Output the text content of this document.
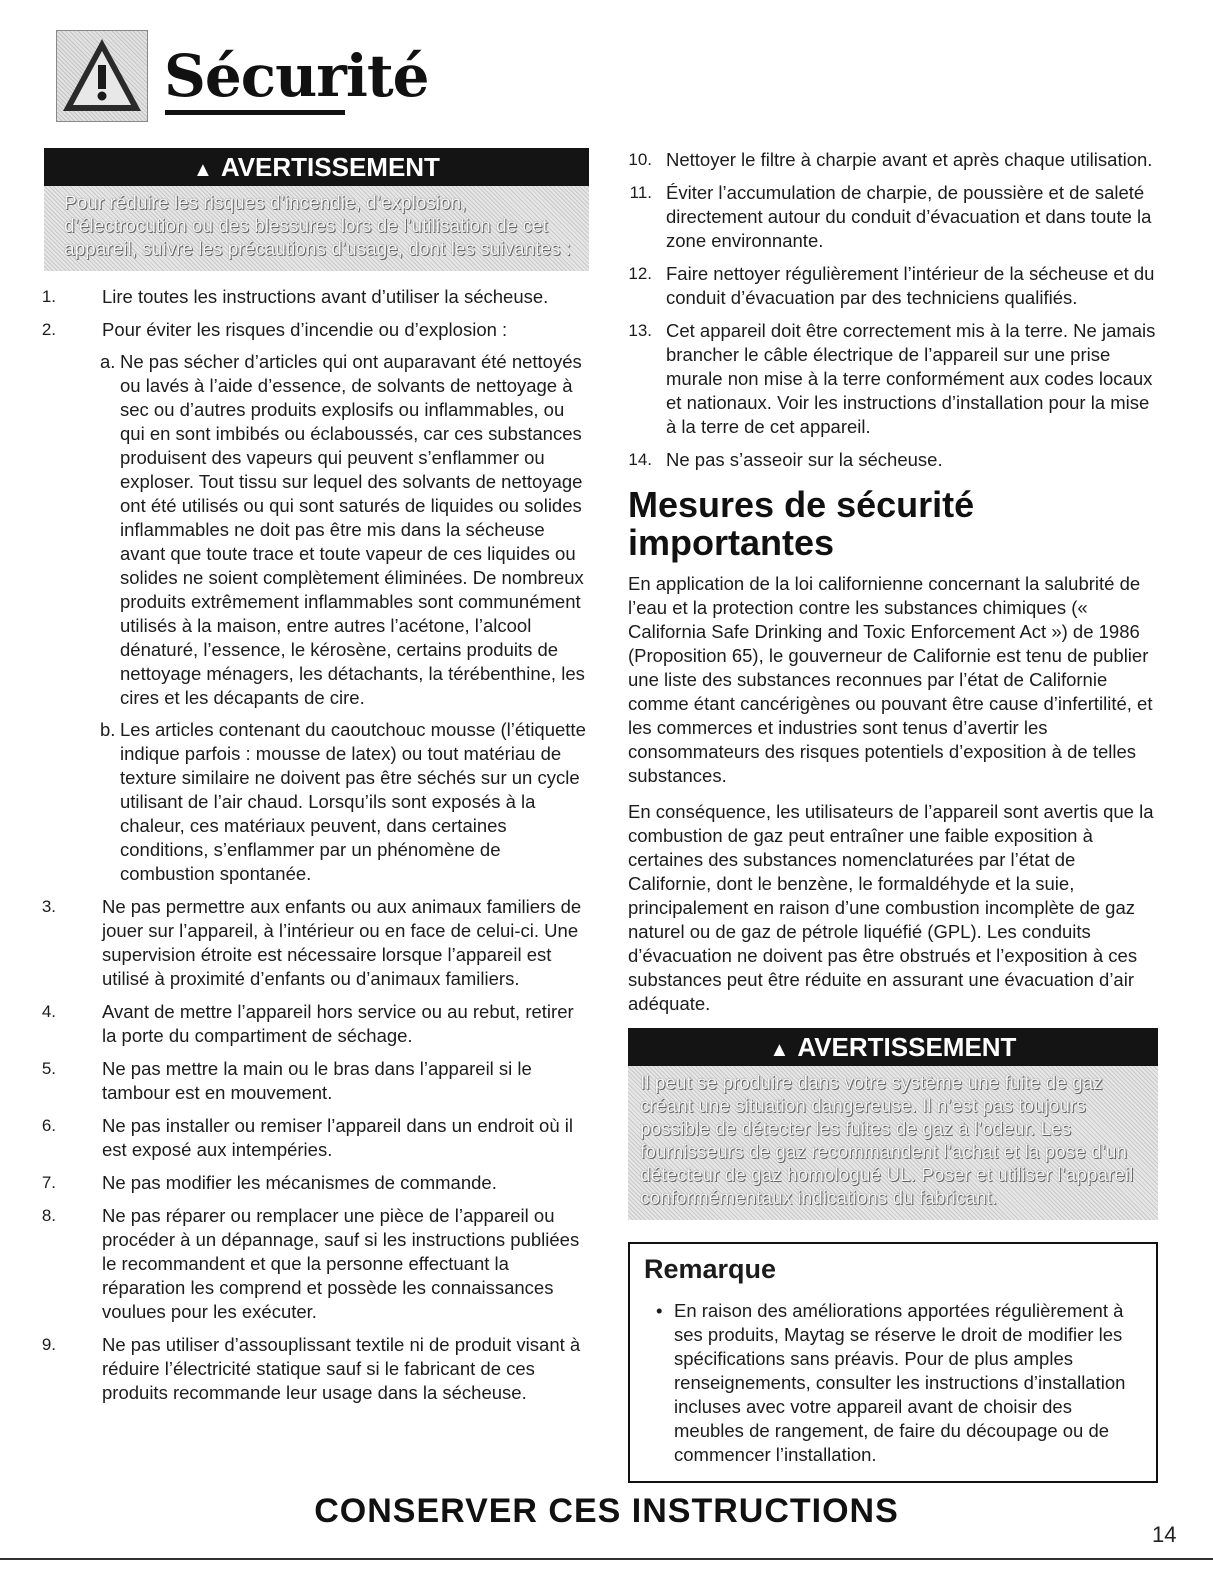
Sécurité
▲ AVERTISSEMENT
Pour réduire les risques d’incendie, d’explosion,
d’électrocution ou des blessures lors de l’utilisation de cet
appareil, suivre les précautions d’usage, dont les suivantes :
1. Lire toutes les instructions avant d’utiliser la sécheuse.
2. Pour éviter les risques d’incendie ou d’explosion :
a. Ne pas sécher d’articles qui ont auparavant été nettoyés ou lavés à l’aide d’essence, de solvants de nettoyage à sec ou d’autres produits explosifs ou inflammables, ou qui en sont imbibés ou éclaboussés, car ces substances produisent des vapeurs qui peuvent s’enflammer ou exploser. Tout tissu sur lequel des solvants de nettoyage ont été utilisés ou qui sont saturés de liquides ou solides inflammables ne doit pas être mis dans la sécheuse avant que toute trace et toute vapeur de ces liquides ou solides ne soient complètement éliminées. De nombreux produits extrêmement inflammables sont communément utilisés à la maison, entre autres l’acétone, l’alcool dénaturé, l’essence, le kérosène, certains produits de nettoyage ménagers, les détachants, la térébenthine, les cires et les décapants de cire.
b. Les articles contenant du caoutchouc mousse (l’étiquette indique parfois : mousse de latex) ou tout matériau de texture similaire ne doivent pas être séchés sur un cycle utilisant de l’air chaud. Lorsqu’ils sont exposés à la chaleur, ces matériaux peuvent, dans certaines conditions, s’enflammer par un phénomène de combustion spontanée.
3. Ne pas permettre aux enfants ou aux animaux familiers de jouer sur l’appareil, à l’intérieur ou en face de celui-ci. Une supervision étroite est nécessaire lorsque l’appareil est utilisé à proximité d’enfants ou d’animaux familiers.
4. Avant de mettre l’appareil hors service ou au rebut, retirer la porte du compartiment de séchage.
5. Ne pas mettre la main ou le bras dans l’appareil si le tambour est en mouvement.
6. Ne pas installer ou remiser l’appareil dans un endroit où il est exposé aux intempéries.
7. Ne pas modifier les mécanismes de commande.
8. Ne pas réparer ou remplacer une pièce de l’appareil ou procéder à un dépannage, sauf si les instructions publiées le recommandent et que la personne effectuant la réparation les comprend et possède les connaissances voulues pour les exécuter.
9. Ne pas utiliser d’assouplissant textile ni de produit visant à réduire l’électricité statique sauf si le fabricant de ces produits recommande leur usage dans la sécheuse.
10. Nettoyer le filtre à charpie avant et après chaque utilisation.
11. Éviter l’accumulation de charpie, de poussière et de saleté directement autour du conduit d’évacuation et dans toute la zone environnante.
12. Faire nettoyer régulièrement l’intérieur de la sécheuse et du conduit d’évacuation par des techniciens qualifiés.
13. Cet appareil doit être correctement mis à la terre. Ne jamais brancher le câble électrique de l’appareil sur une prise murale non mise à la terre conformément aux codes locaux et nationaux. Voir les instructions d’installation pour la mise à la terre de cet appareil.
14. Ne pas s’asseoir sur la sécheuse.
Mesures de sécurité importantes

En application de la loi californienne concernant la salubrité de l’eau et la protection contre les substances chimiques (« California Safe Drinking and Toxic Enforcement Act ») de 1986 (Proposition 65), le gouverneur de Californie est tenu de publier une liste des substances reconnues par l’état de Californie comme étant cancérigènes ou pouvant être cause d’infertilité, et les commerces et industries sont tenus d’avertir les consommateurs des risques potentiels d’exposition à de telles substances.

En conséquence, les utilisateurs de l’appareil sont avertis que la combustion de gaz peut entraîner une faible exposition à certaines des substances nomenclaturées par l’état de Californie, dont le benzène, le formaldéhyde et la suie, principalement en raison d’une combustion incomplète de gaz naturel ou de gaz de pétrole liquéfié (GPL). Les conduits d’évacuation ne doivent pas être obstrués et l’exposition à ces substances peut être réduite en assurant une évacuation d’air adéquate.

▲ AVERTISSEMENT
Il peut se produire dans votre système une fuite de gaz
créant une situation dangereuse. Il n’est pas toujours
possible de détecter les fuites de gaz à l’odeur. Les
fournisseurs de gaz recommandent l’achat et la pose d’un
détecteur de gaz homologué UL. Poser et utiliser l’appareil
conformémentaux indications du fabricant.
Remarque
• En raison des améliorations apportées régulièrement à ses produits, Maytag se réserve le droit de modifier les spécifications sans préavis. Pour de plus amples renseignements, consulter les instructions d’installation incluses avec votre appareil avant de choisir des meubles de rangement, de faire du découpage ou de commencer l’installation.
CONSERVER CES INSTRUCTIONS
14
